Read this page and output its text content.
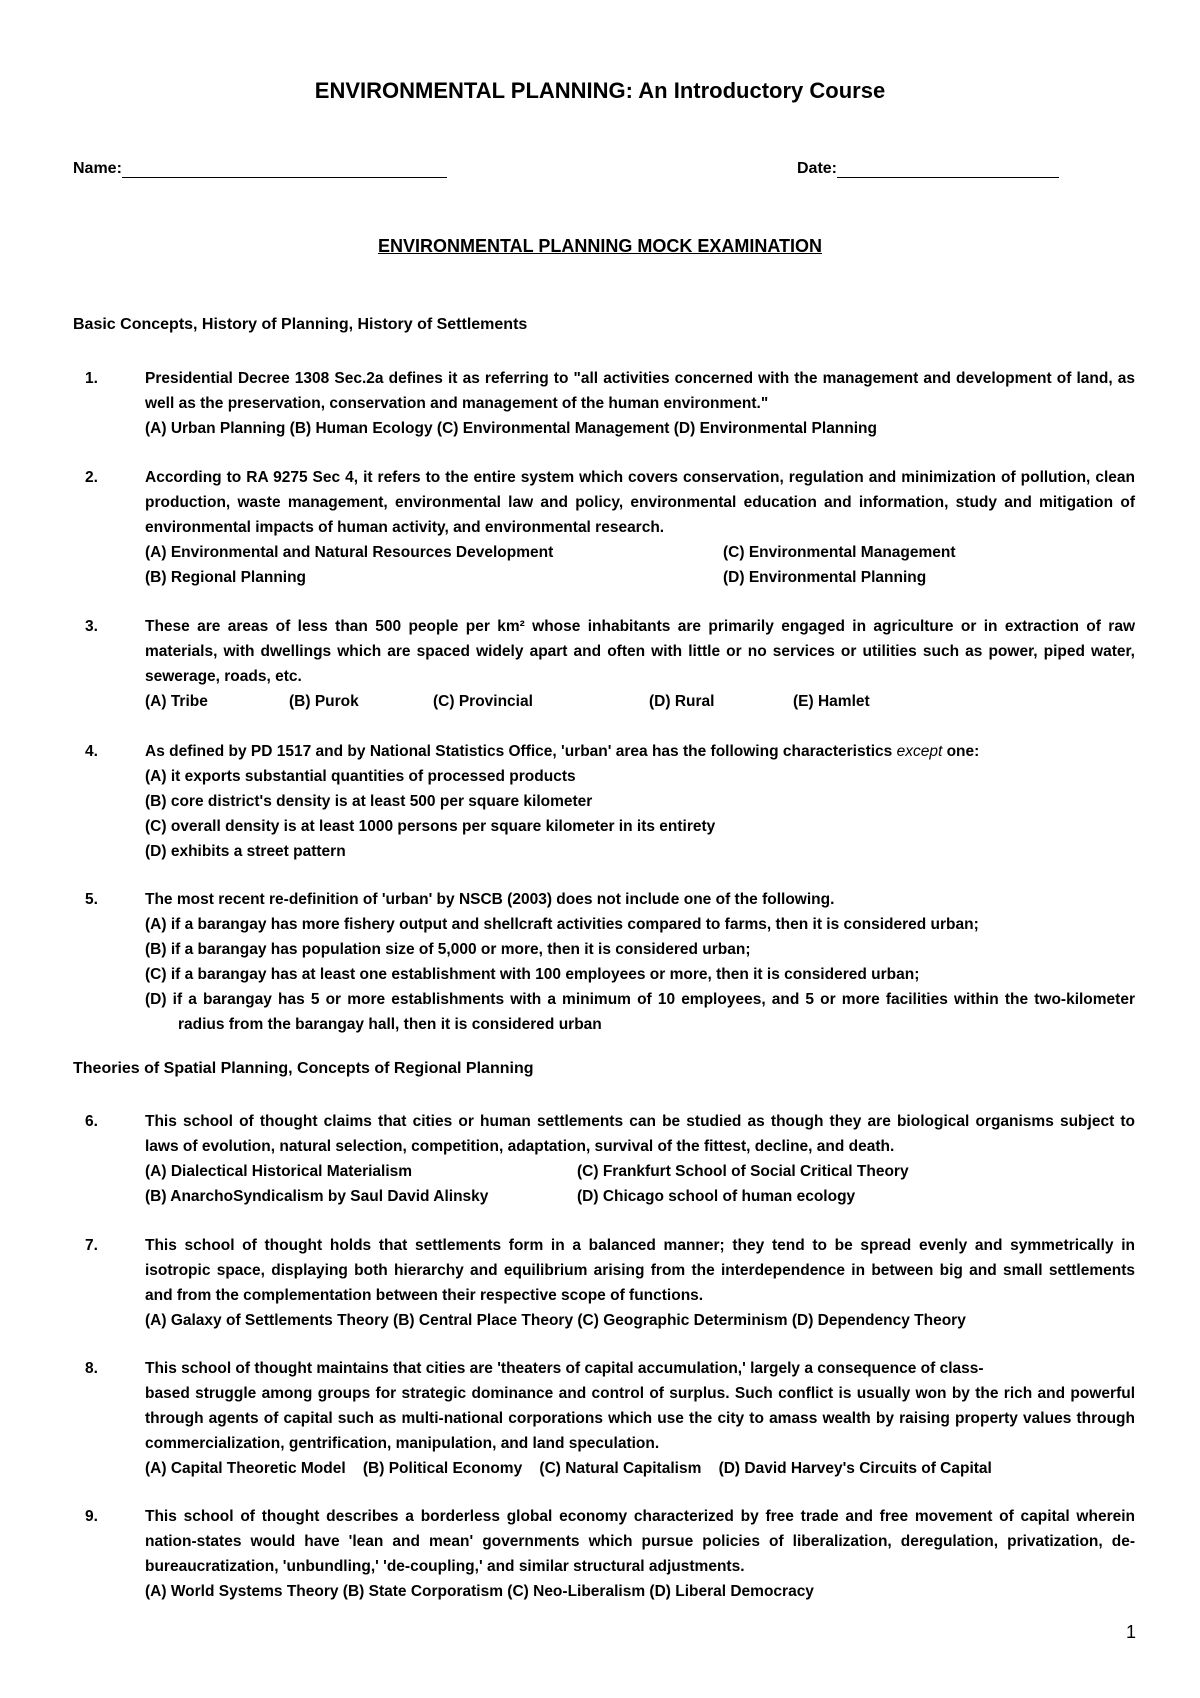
ENVIRONMENTAL PLANNING: An Introductory Course
Name:	Date:
ENVIRONMENTAL PLANNING MOCK EXAMINATION
Basic Concepts, History of Planning, History of Settlements
1.	Presidential Decree 1308 Sec.2a defines it as referring to "all activities concerned with the management and development of land, as well as the preservation, conservation and management of the human environment."
(A) Urban Planning (B) Human Ecology (C) Environmental Management (D) Environmental Planning
2.	According to RA 9275 Sec 4, it refers to the entire system which covers conservation, regulation and minimization of pollution, clean production, waste management, environmental law and policy, environmental education and information, study and mitigation of environmental impacts of human activity, and environmental research.
(A) Environmental and Natural Resources Development	(C) Environmental Management
(B) Regional Planning	(D) Environmental Planning
3.	These are areas of less than 500 people per km² whose inhabitants are primarily engaged in agriculture or in extraction of raw materials, with dwellings which are spaced widely apart and often with little or no services or utilities such as power, piped water, sewerage, roads, etc.
(A) Tribe	(B) Purok	(C) Provincial	(D) Rural	(E) Hamlet
4.	As defined by PD 1517 and by National Statistics Office, 'urban' area has the following characteristics except one:
(A) it exports substantial quantities of processed products
(B) core district's density is at least 500 per square kilometer
(C) overall density is at least 1000 persons per square kilometer in its entirety
(D) exhibits a street pattern
5.	The most recent re-definition of 'urban' by NSCB (2003) does not include one of the following.
(A) if a barangay has more fishery output and shellcraft activities compared to farms, then it is considered urban;
(B) if a barangay has population size of 5,000 or more, then it is considered urban;
(C) if a barangay has at least one establishment with 100 employees or more, then it is considered urban;
(D) if a barangay has 5 or more establishments with a minimum of 10 employees, and 5 or more facilities within the two-kilometer radius from the barangay hall, then it is considered urban
Theories of Spatial Planning, Concepts of Regional Planning
6.	This school of thought claims that cities or human settlements can be studied as though they are biological organisms subject to laws of evolution, natural selection, competition, adaptation, survival of the fittest, decline, and death.
(A) Dialectical Historical Materialism	(C) Frankfurt School of Social Critical Theory
(B) AnarchoSyndicalism by Saul David Alinsky	(D) Chicago school of human ecology
7.	This school of thought holds that settlements form in a balanced manner; they tend to be spread evenly and symmetrically in isotropic space, displaying both hierarchy and equilibrium arising from the interdependence in between big and small settlements and from the complementation between their respective scope of functions.
(A) Galaxy of Settlements Theory (B) Central Place Theory (C) Geographic Determinism (D) Dependency Theory
8.	This school of thought maintains that cities are 'theaters of capital accumulation,' largely a consequence of class-
based struggle among groups for strategic dominance and control of surplus. Such conflict is usually won by the rich and powerful through agents of capital such as multi-national corporations which use the city to amass wealth by raising property values through commercialization, gentrification, manipulation, and land speculation.
(A) Capital Theoretic Model    (B) Political Economy    (C) Natural Capitalism    (D) David Harvey's Circuits of Capital
9.	This school of thought describes a borderless global economy characterized by free trade and free movement of capital wherein nation-states would have 'lean and mean' governments which pursue policies of liberalization, deregulation, privatization, de-bureaucratization, 'unbundling,' 'de-coupling,' and similar structural adjustments.
(A) World Systems Theory (B) State Corporatism (C) Neo-Liberalism (D) Liberal Democracy
1
